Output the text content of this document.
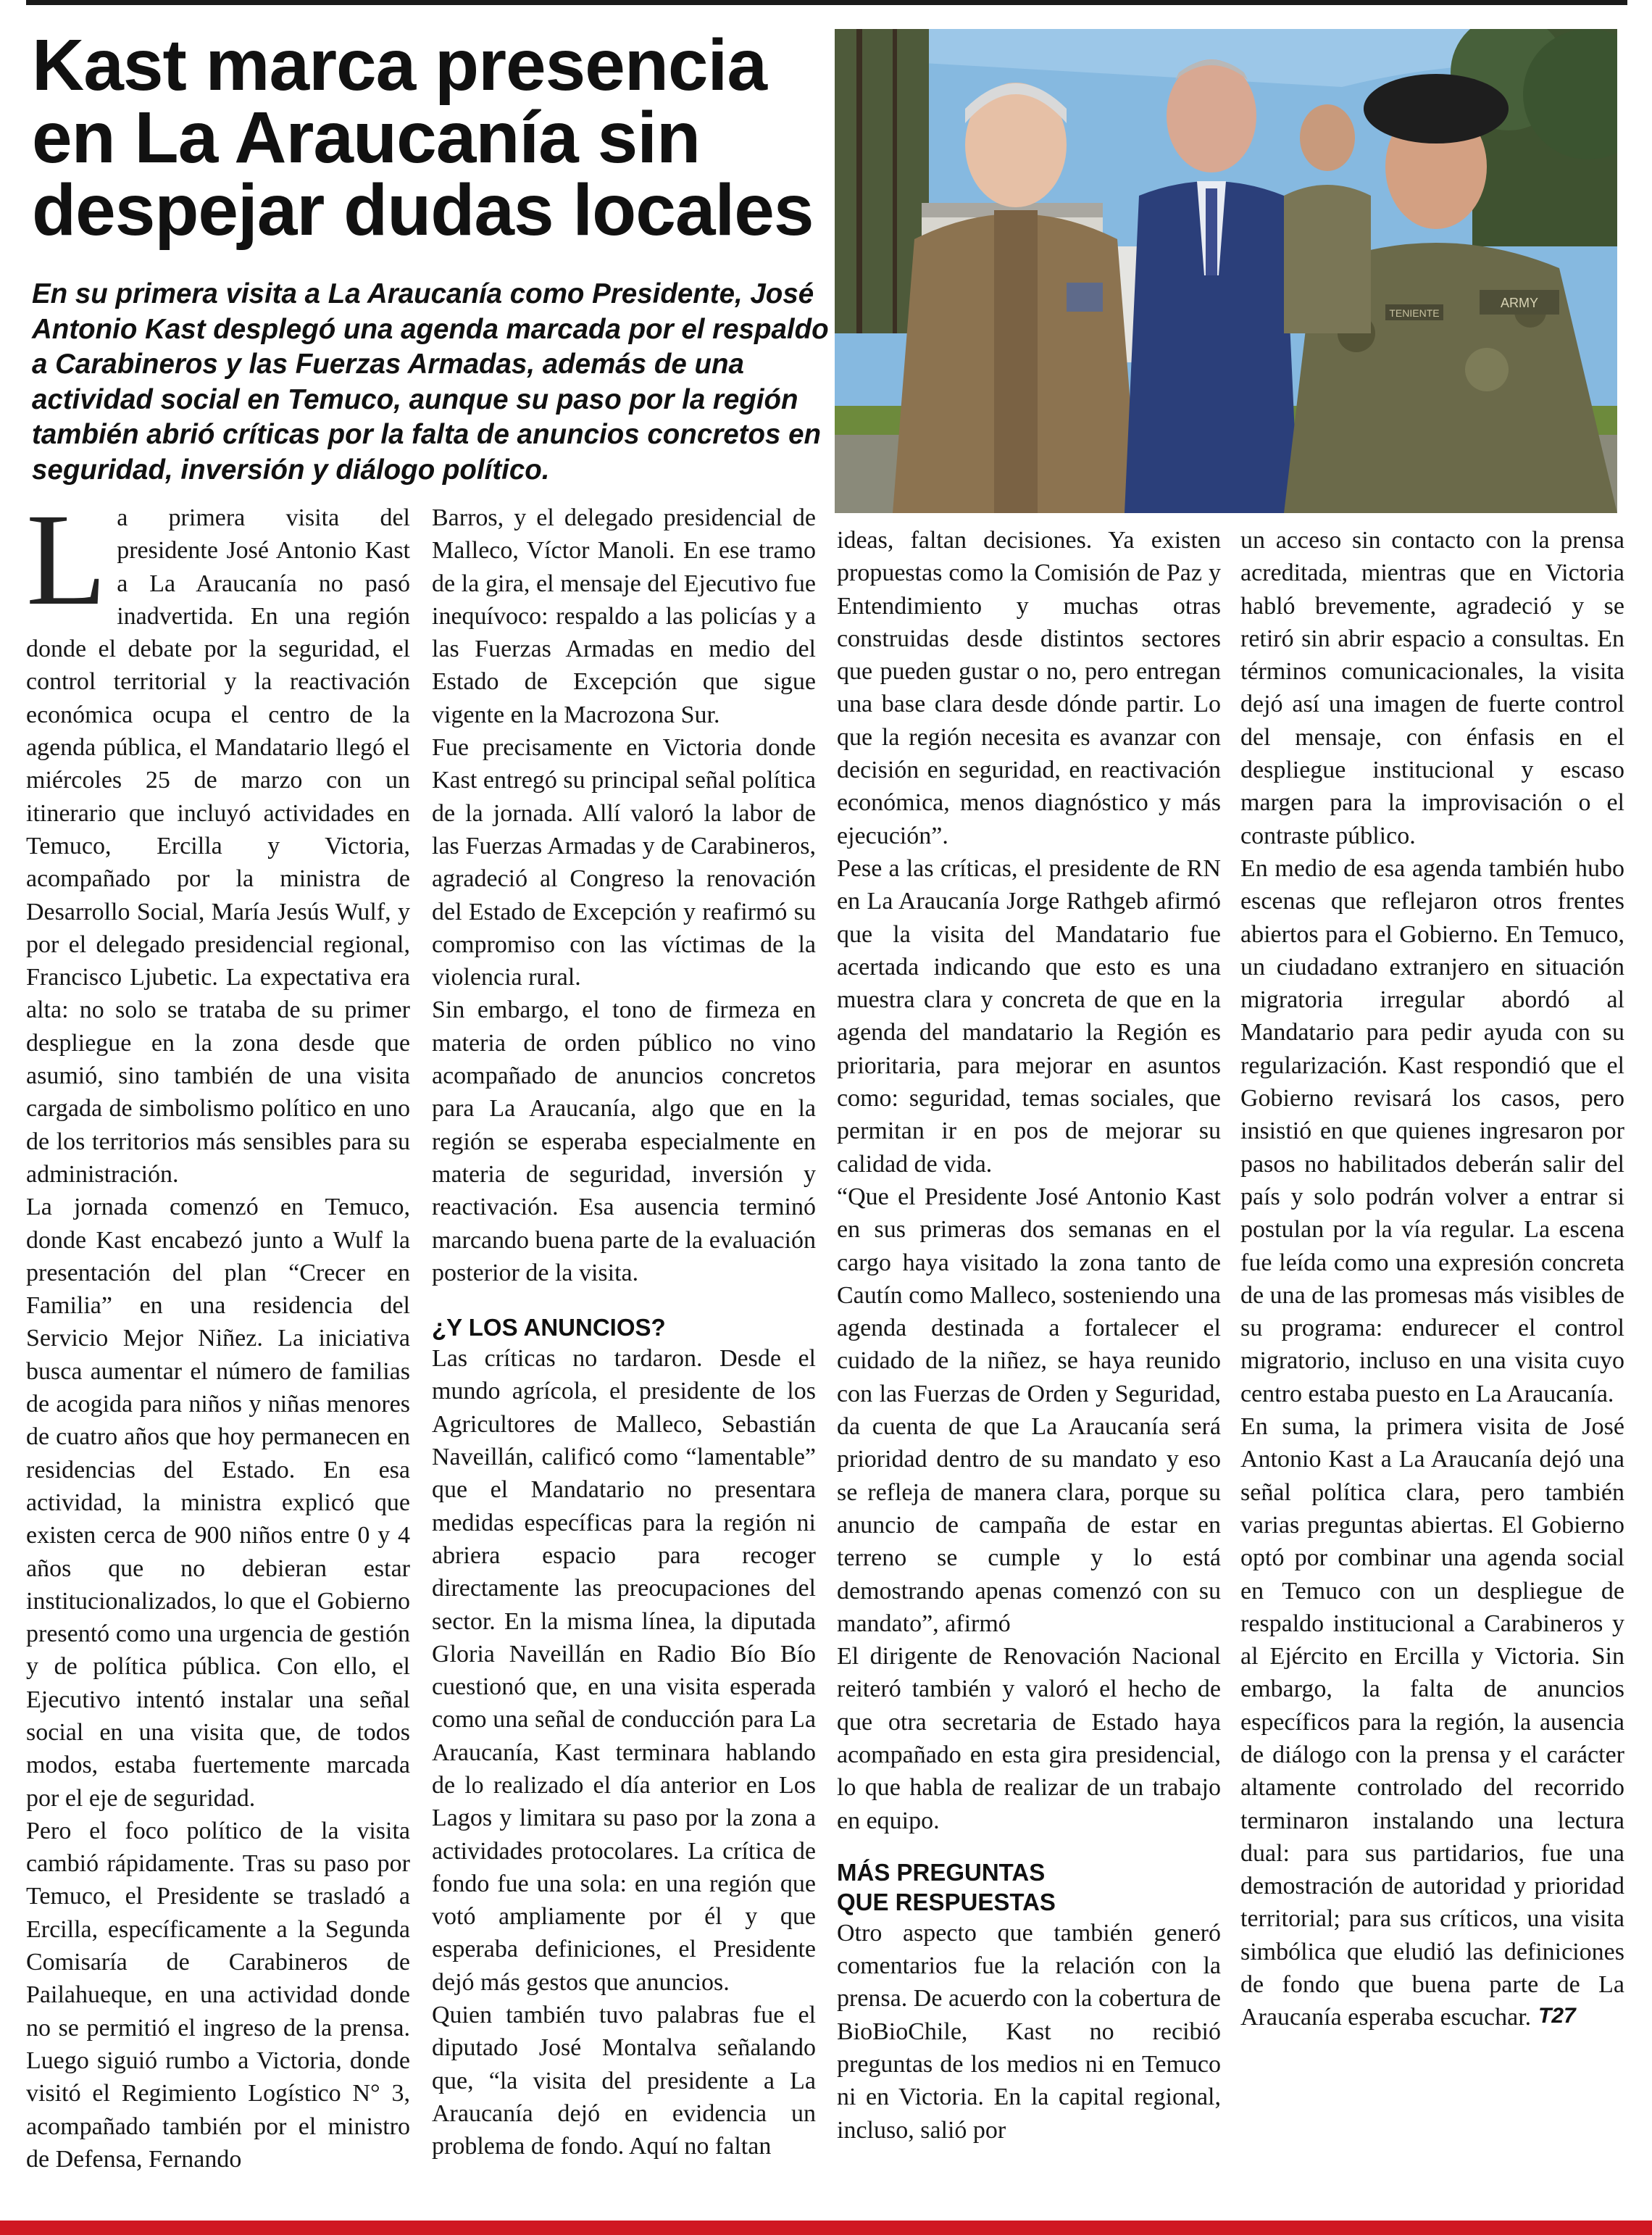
Kast marca presencia en La Araucanía sin despejar dudas locales

En su primera visita a La Araucanía como Presidente, José Antonio Kast desplegó una agenda marcada por el respaldo a Carabineros y las Fuerzas Armadas, además de una actividad social en Temuco, aunque su paso por la región también abrió críticas por la falta de anuncios concretos en seguridad, inversión y diálogo político.

ARMY
TENIENTE
L a primera visita del presidente José Antonio Kast a La Araucanía no pasó inadvertida. En una región donde el debate por la seguridad, el control territorial y la reactivación económica ocupa el centro de la agenda pública, el Mandatario llegó el miércoles 25 de marzo con un itinerario que incluyó actividades en Temuco, Ercilla y Victoria, acompañado por la ministra de Desarrollo Social, María Jesús Wulf, y por el delegado presidencial regional, Francisco Ljubetic. La expectativa era alta: no solo se trataba de su primer despliegue en la zona desde que asumió, sino también de una visita cargada de simbolismo político en uno de los territorios más sensibles para su administración.

La jornada comenzó en Temuco, donde Kast encabezó junto a Wulf la presentación del plan “Crecer en Familia” en una residencia del Servicio Mejor Niñez. La iniciativa busca aumentar el número de familias de acogida para niños y niñas menores de cuatro años que hoy permanecen en residencias del Estado. En esa actividad, la ministra explicó que existen cerca de 900 niños entre 0 y 4 años que no debieran estar institucionalizados, lo que el Gobierno presentó como una urgencia de gestión y de política pública. Con ello, el Ejecutivo intentó instalar una señal social en una visita que, de todos modos, estaba fuertemente marcada por el eje de seguridad.

Pero el foco político de la visita cambió rápidamente. Tras su paso por Temuco, el Presidente se trasladó a Ercilla, específicamente a la Segunda Comisaría de Carabineros de Pailahueque, en una actividad donde no se permitió el ingreso de la prensa. Luego siguió rumbo a Victoria, donde visitó el Regimiento Logístico N° 3, acompañado también por el ministro de Defensa, Fernando

Barros, y el delegado presidencial de Malleco, Víctor Manoli. En ese tramo de la gira, el mensaje del Ejecutivo fue inequívoco: respaldo a las policías y a las Fuerzas Armadas en medio del Estado de Excepción que sigue vigente en la Macrozona Sur.

Fue precisamente en Victoria donde Kast entregó su principal señal política de la jornada. Allí valoró la labor de las Fuerzas Armadas y de Carabineros, agradeció al Congreso la renovación del Estado de Excepción y reafirmó su compromiso con las víctimas de la violencia rural.

Sin embargo, el tono de firmeza en materia de orden público no vino acompañado de anuncios concretos para La Araucanía, algo que en la región se esperaba especialmente en materia de seguridad, inversión y reactivación. Esa ausencia terminó marcando buena parte de la evaluación posterior de la visita.

¿Y LOS ANUNCIOS?

Las críticas no tardaron. Desde el mundo agrícola, el presidente de los Agricultores de Malleco, Sebastián Naveillán, calificó como “lamentable” que el Mandatario no presentara medidas específicas para la región ni abriera espacio para recoger directamente las preocupaciones del sector. En la misma línea, la diputada Gloria Naveillán en Radio Bío Bío cuestionó que, en una visita esperada como una señal de conducción para La Araucanía, Kast terminara hablando de lo realizado el día anterior en Los Lagos y limitara su paso por la zona a actividades protocolares. La crítica de fondo fue una sola: en una región que votó ampliamente por él y que esperaba definiciones, el Presidente dejó más gestos que anuncios.

Quien también tuvo palabras fue el diputado José Montalva señalando que, “la visita del presidente a La Araucanía dejó en evidencia un problema de fondo. Aquí no faltan

ideas, faltan decisiones. Ya existen propuestas como la Comisión de Paz y Entendimiento y muchas otras construidas desde distintos sectores que pueden gustar o no, pero entregan una base clara desde dónde partir. Lo que la región necesita es avanzar con decisión en seguridad, en reactivación económica, menos diagnóstico y más ejecución”.

Pese a las críticas, el presidente de RN en La Araucanía Jorge Rathgeb afirmó que la visita del Mandatario fue acertada indicando que esto es una muestra clara y concreta de que en la agenda del mandatario la Región es prioritaria, para mejorar en asuntos como: seguridad, temas sociales, que permitan ir en pos de mejorar su calidad de vida.

“Que el Presidente José Antonio Kast en sus primeras dos semanas en el cargo haya visitado la zona tanto de Cautín como Malleco, sosteniendo una agenda destinada a fortalecer el cuidado de la niñez, se haya reunido con las Fuerzas de Orden y Seguridad, da cuenta de que La Araucanía será prioridad dentro de su mandato y eso se refleja de manera clara, porque su anuncio de campaña de estar en terreno se cumple y lo está demostrando apenas comenzó con su mandato”, afirmó

El dirigente de Renovación Nacional reiteró también y valoró el hecho de que otra secretaria de Estado haya acompañado en esta gira presidencial, lo que habla de realizar de un trabajo en equipo.

MÁS PREGUNTAS

QUE RESPUESTAS

Otro aspecto que también generó comentarios fue la relación con la prensa. De acuerdo con la cobertura de BioBioChile, Kast no recibió preguntas de los medios ni en Temuco ni en Victoria. En la capital regional, incluso, salió por

un acceso sin contacto con la prensa acreditada, mientras que en Victoria habló brevemente, agradeció y se retiró sin abrir espacio a consultas. En términos comunicacionales, la visita dejó así una imagen de fuerte control del mensaje, con énfasis en el despliegue institucional y escaso margen para la improvisación o el contraste público.

En medio de esa agenda también hubo escenas que reflejaron otros frentes abiertos para el Gobierno. En Temuco, un ciudadano extranjero en situación migratoria irregular abordó al Mandatario para pedir ayuda con su regularización. Kast respondió que el Gobierno revisará los casos, pero insistió en que quienes ingresaron por pasos no habilitados deberán salir del país y solo podrán volver a entrar si postulan por la vía regular. La escena fue leída como una expresión concreta de una de las promesas más visibles de su programa: endurecer el control migratorio, incluso en una visita cuyo centro estaba puesto en La Araucanía.

En suma, la primera visita de José Antonio Kast a La Araucanía dejó una señal política clara, pero también varias preguntas abiertas. El Gobierno optó por combinar una agenda social en Temuco con un despliegue de respaldo institucional a Carabineros y al Ejército en Ercilla y Victoria. Sin embargo, la falta de anuncios específicos para la región, la ausencia de diálogo con la prensa y el carácter altamente controlado del recorrido terminaron instalando una lectura dual: para sus partidarios, fue una demostración de autoridad y prioridad territorial; para sus críticos, una visita simbólica que eludió las definiciones de fondo que buena parte de La Araucanía esperaba escuchar. T27
